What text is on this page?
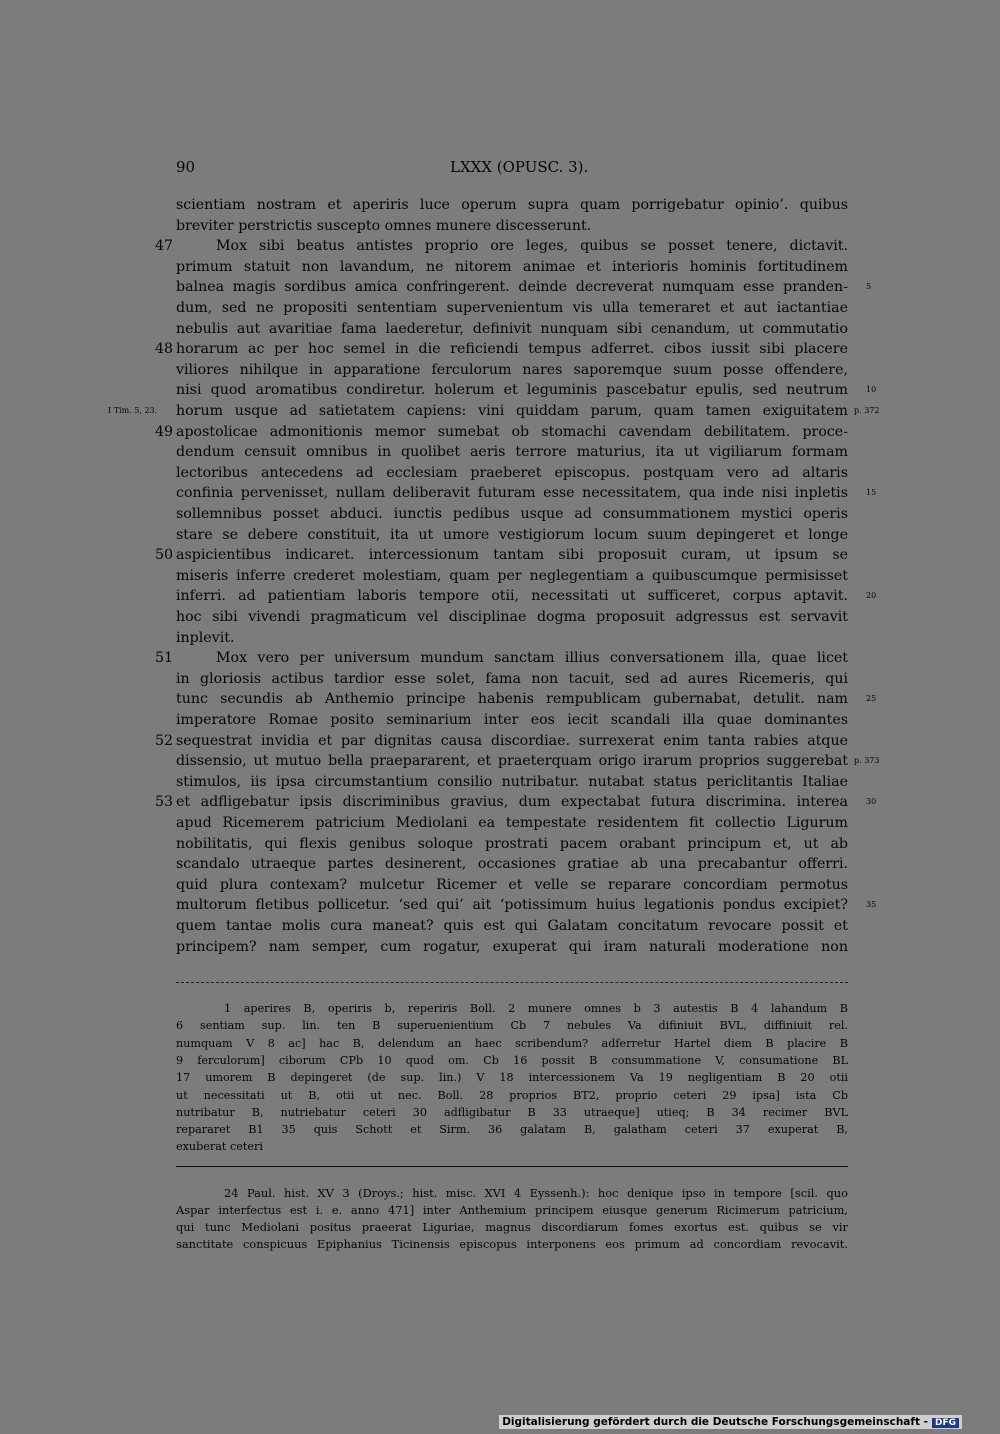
90	LXXX (OPUSC. 3).
scientiam nostram et aperiris luce operum supra quam porrigebatur opinio’. quibus
breviter perstrictis suscepto omnes munere discesserunt.
Mox sibi beatus antistes proprio ore leges, quibus se posset tenere, dictavit.
primum statuit non lavandum, ne nitorem animae et interioris hominis fortitudinem
balnea magis sordibus amica confringerent. deinde decreverat numquam esse pranden-
dum, sed ne propositi sententiam supervenientum vis ulla temeraret et aut iactantiae
nebulis aut avaritiae fama laederetur, definivit nunquam sibi cenandum, ut commutatio
horarum ac per hoc semel in die reficiendi tempus adferret. cibos iussit sibi placere
viliores nihilque in apparatione ferculorum nares saporemque suum posse offendere,
nisi quod aromatibus condiretur. holerum et leguminis pascebatur epulis, sed neutrum
horum usque ad satietatem capiens: vini quiddam parum, quam tamen exiguitatem
apostolicae admonitionis memor sumebat ob stomachi cavendam debilitatem. proce-
dendum censuit omnibus in quolibet aeris terrore maturius, ita ut vigiliarum formam
lectoribus antecedens ad ecclesiam praeberet episcopus. postquam vero ad altaris
confinia pervenisset, nullam deliberavit futuram esse necessitatem, qua inde nisi inpletis
sollemnibus posset abduci. iunctis pedibus usque ad consummationem mystici operis
stare se debere constituit, ita ut umore vestigiorum locum suum depingeret et longe
aspicientibus indicaret. intercessionum tantam sibi proposuit curam, ut ipsum se
miseris inferre crederet molestiam, quam per neglegentiam a quibuscumque permisisset
inferri. ad patientiam laboris tempore otii, necessitati ut sufficeret, corpus aptavit.
hoc sibi vivendi pragmaticum vel disciplinae dogma proposuit adgressus est servavit
inplevit.
Mox vero per universum mundum sanctam illius conversationem illa, quae licet
in gloriosis actibus tardior esse solet, fama non tacuit, sed ad aures Ricemeris, qui
tunc secundis ab Anthemio principe habenis rempublicam gubernabat, detulit. nam
imperatore Romae posito seminarium inter eos iecit scandali illa quae dominantes
sequestrat invidia et par dignitas causa discordiae. surrexerat enim tanta rabies atque
dissensio, ut mutuo bella praepararent, et praeterquam origo irarum proprios suggerebat
stimulos, iis ipsa circumstantium consilio nutribatur. nutabat status periclitantis Italiae
et adfligebatur ipsis discriminibus gravius, dum expectabat futura discrimina. interea
apud Ricemerem patricium Mediolani ea tempestate residentem fit collectio Ligurum
nobilitatis, qui flexis genibus soloque prostrati pacem orabant principum et, ut ab
scandalo utraeque partes desinerent, occasiones gratiae ab una precabantur offerri.
quid plura contexam? mulcetur Ricemer et velle se reparare concordiam permotus
multorum fletibus pollicetur. ‘sed qui’ ait ‘potissimum huius legationis pondus excipiet?
quem tantae molis cura maneat? quis est qui Galatam concitatum revocare possit et
principem? nam semper, cum rogatur, exuperat qui iram naturali moderatione non
47
48
49
50
51
52
53
5
10
15
20
25
30
35
p. 372
p. 373
I Tim. 5, 23.
1 aperires B, operiris b, reperiris Boll. 2 munere omnes b 3 autestis B 4 lahandum B
6 sentiam sup. lin. ten B superuenientium Cb 7 nebules Va difiniuit BVL, diffiniuit rel.
numquam V 8 ac] hac B, delendum an haec scribendum? adferretur Hartel diem B placire B
9 ferculorum] ciborum CPb 10 quod om. Cb 16 possit B consummatione V, consumatione BL
17 umorem B depingeret (de sup. lin.) V 18 intercessionem Va 19 negligentiam B 20 otii
ut necessitati ut B, otii ut nec. Boll. 28 proprios BT2, proprio ceteri 29 ipsa] ista Cb
nutribatur B, nutriebatur ceteri 30 adfligibatur B 33 utraeque] utieq; B 34 recimer BVL
repararet B1 35 quis Schott et Sirm. 36 galatam B, galatham ceteri 37 exuperat B,
exuberat ceteri
24 Paul. hist. XV 3 (Droys.; hist. misc. XVI 4 Eyssenh.): hoc denique ipso in tempore [scil. quo
Aspar interfectus est i. e. anno 471] inter Anthemium principem eiusque generum Ricimerum patricium,
qui tunc Mediolani positus praeerat Liguriae, magnus discordiarum fomes exortus est. quibus se vir
sanctitate conspicuus Epiphanius Ticinensis episcopus interponens eos primum ad concordiam revocavit.
Digitalisierung gefördert durch die Deutsche Forschungsgemeinschaft - DFG
